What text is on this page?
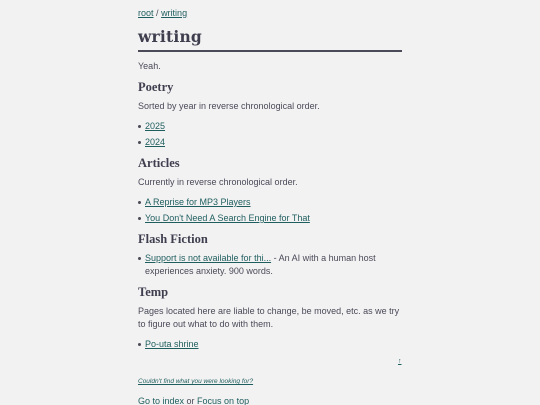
root / writing
writing
Yeah.
Poetry
Sorted by year in reverse chronological order.
2025
2024
Articles
Currently in reverse chronological order.
A Reprise for MP3 Players
You Don't Need A Search Engine for That
Flash Fiction
Support is not available for thi... - An AI with a human host experiences anxiety. 900 words.
Temp
Pages located here are liable to change, be moved, etc. as we try to figure out what to do with them.
Po-uta shrine
↑
Couldn't find what you were looking for?
Go to index or Focus on top
